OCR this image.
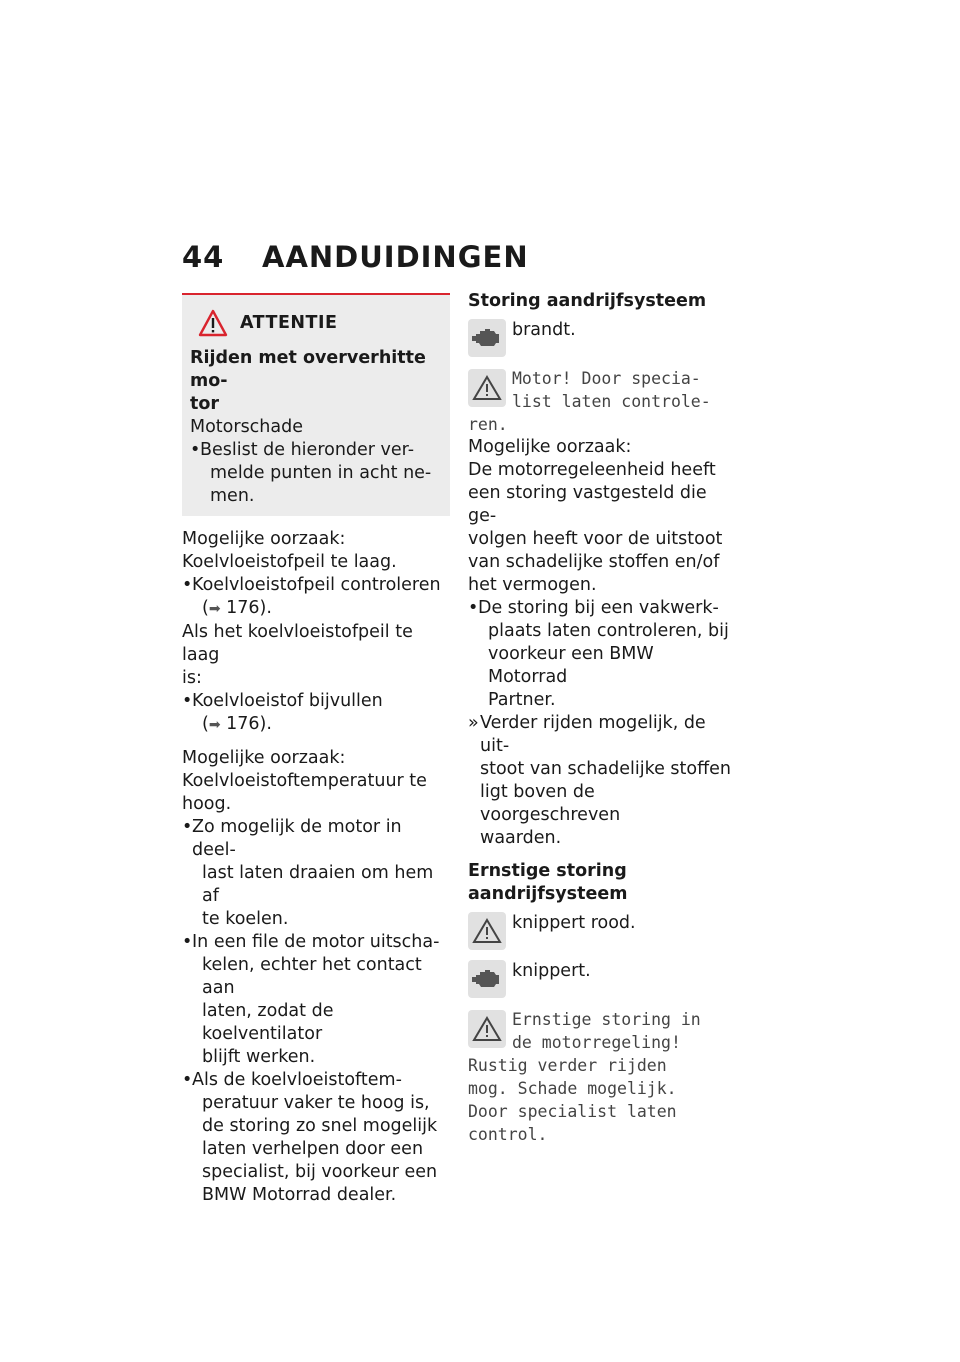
44 AANDUIDINGEN
ATTENTIE
Rijden met oververhitte mo-
tor
Motorschade
• Beslist de hieronder ver-
melde punten in acht ne-
men.
Mogelijke oorzaak:
Koelvloeistofpeil te laag.
• Koelvloeistofpeil controleren
(➡ 176).
Als het koelvloeistofpeil te laag
is:
• Koelvloeistof bijvullen
(➡ 176).
Mogelijke oorzaak:
Koelvloeistoftemperatuur te
hoog.
• Zo mogelijk de motor in deel-
last laten draaien om hem af
te koelen.
• In een file de motor uitscha-
kelen, echter het contact aan
laten, zodat de koelventilator
blijft werken.
• Als de koelvloeistoftem-
peratuur vaker te hoog is,
de storing zo snel mogelijk
laten verhelpen door een
specialist, bij voorkeur een
BMW Motorrad dealer.
Storing aandrijfsysteem
brandt.
Motor! Door specia-
list laten controle-
ren.
Mogelijke oorzaak:
De motorregeleenheid heeft
een storing vastgesteld die ge-
volgen heeft voor de uitstoot
van schadelijke stoffen en/of
het vermogen.
• De storing bij een vakwerk-
plaats laten controleren, bij
voorkeur een BMW Motorrad
Partner.
» Verder rijden mogelijk, de uit-
stoot van schadelijke stoffen
ligt boven de voorgeschreven
waarden.
Ernstige storing
aandrijfsysteem
knippert rood.
knippert.
Ernstige storing in
de motorregeling!
Rustig verder rijden
mog. Schade mogelijk.
Door specialist laten
control.
